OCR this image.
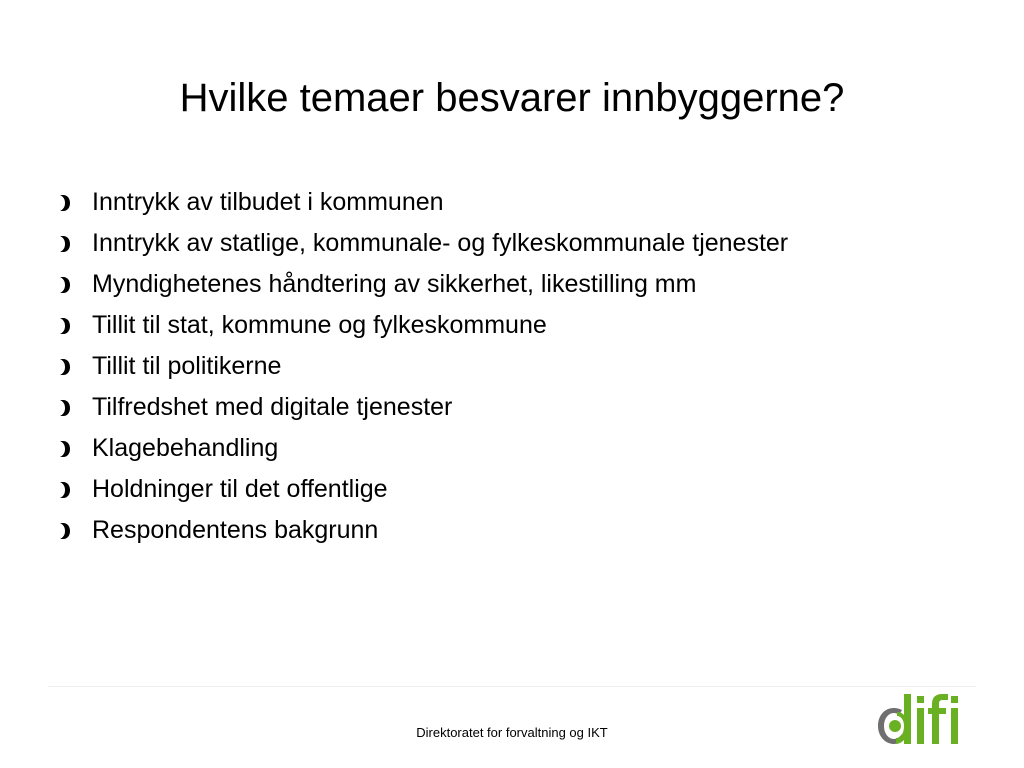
Hvilke temaer besvarer innbyggerne?
Inntrykk av tilbudet i kommunen
Inntrykk av statlige, kommunale- og fylkeskommunale tjenester
Myndighetenes håndtering av sikkerhet, likestilling mm
Tillit til stat, kommune og fylkeskommune
Tillit til politikerne
Tilfredshet med digitale tjenester
Klagebehandling
Holdninger til det offentlige
Respondentens bakgrunn
Direktoratet for forvaltning og IKT
